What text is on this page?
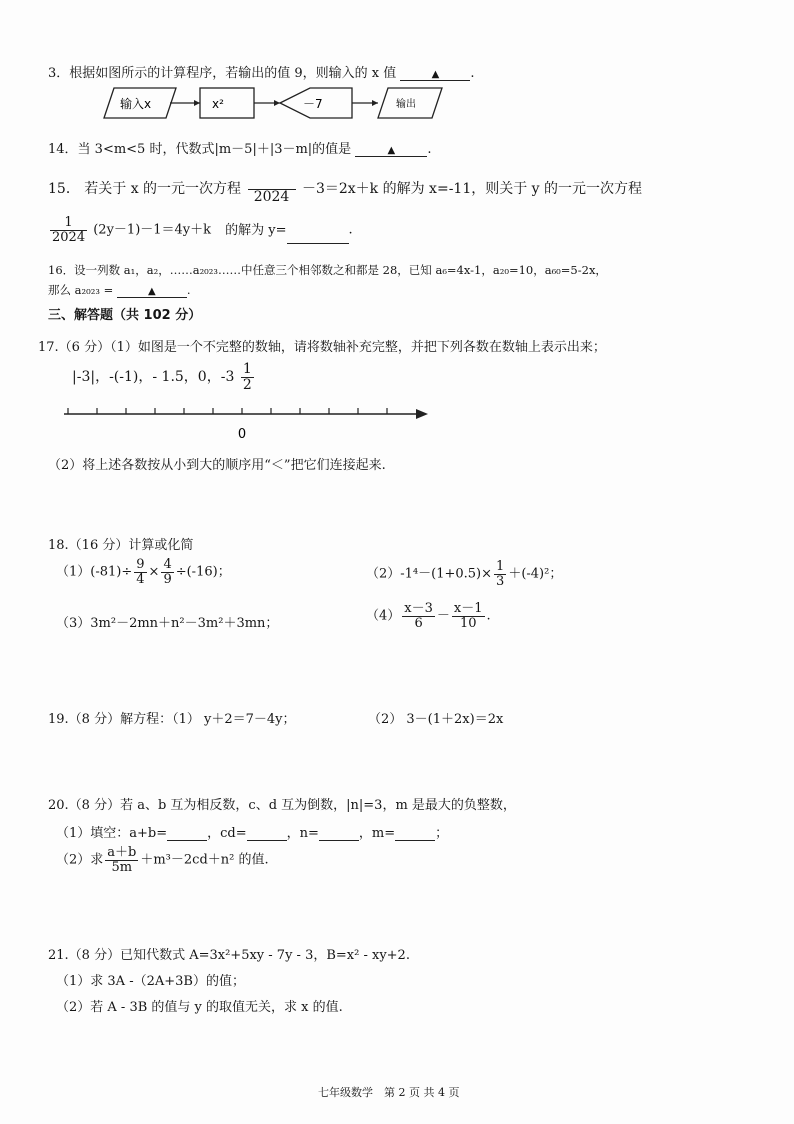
3．根据如图所示的计算程序，若输出的值 9，则输入的 x 值	▲ .
输入x	x²	－7	输出
14．当 3<m<5 时，代数式|m－5|＋|3－m|的值是	▲ .
15． 若关于 x 的一元一次方程
2024 －3＝2x＋k 的解为 x=-11，则关于 y 的一元一次方程
$\frac{1}{2024} (2y-1)-1=4y+k$ 的解为 y=	.
16．设一列数 a₁，a₂，……a₂₀₂₃……中任意三个相邻数之和都是 28，已知 a₆=4x-1，a₂₀=10，a₆₀=5-2x，
那么 a₂₀₂₃ =	▲	.
三、解答题（共 102 分）
17.（6 分）（1）如图是一个不完整的数轴，请将数轴补充完整，并把下列各数在数轴上表示出来；
|-3|，-(-1)，- 1.5，0，$-3 \frac{1}{2}$
0
（2）将上述各数按从小到大的顺序用“＜”把它们连接起来.
18.（16 分）计算或化简
$(1)(-81)\div \frac{9}{4} \times \frac{4}{9} \div(-16)$；	$(2)-1^4-(1+0.5)\times \frac{1}{3} +(-4)^2$；
（3）3m²－2mn＋n²－3m²＋3mn；	$(4) \frac{x-3}{6} - \frac{x-1}{10}$ .
19.（8 分）解方程：（1） y＋2＝7－4y；	（2） 3－(1＋2x)＝2x
20.（8 分）若 a、b 互为相反数，c、d 互为倒数，|n|=3，m 是最大的负整数，
（1）填空：a+b=	，cd=	，n=	，m=	；
（2）求 $\frac{a+b}{5m} +m^3-2cd+n^2$ 的值.
21.（8 分）已知代数式 A=3x²+5xy - 7y - 3，B=x² - xy+2.
（1）求 3A -（2A+3B）的值；
（2）若 A - 3B 的值与 y 的取值无关，求 x 的值.
七年级数学　第 2 页 共 4 页
